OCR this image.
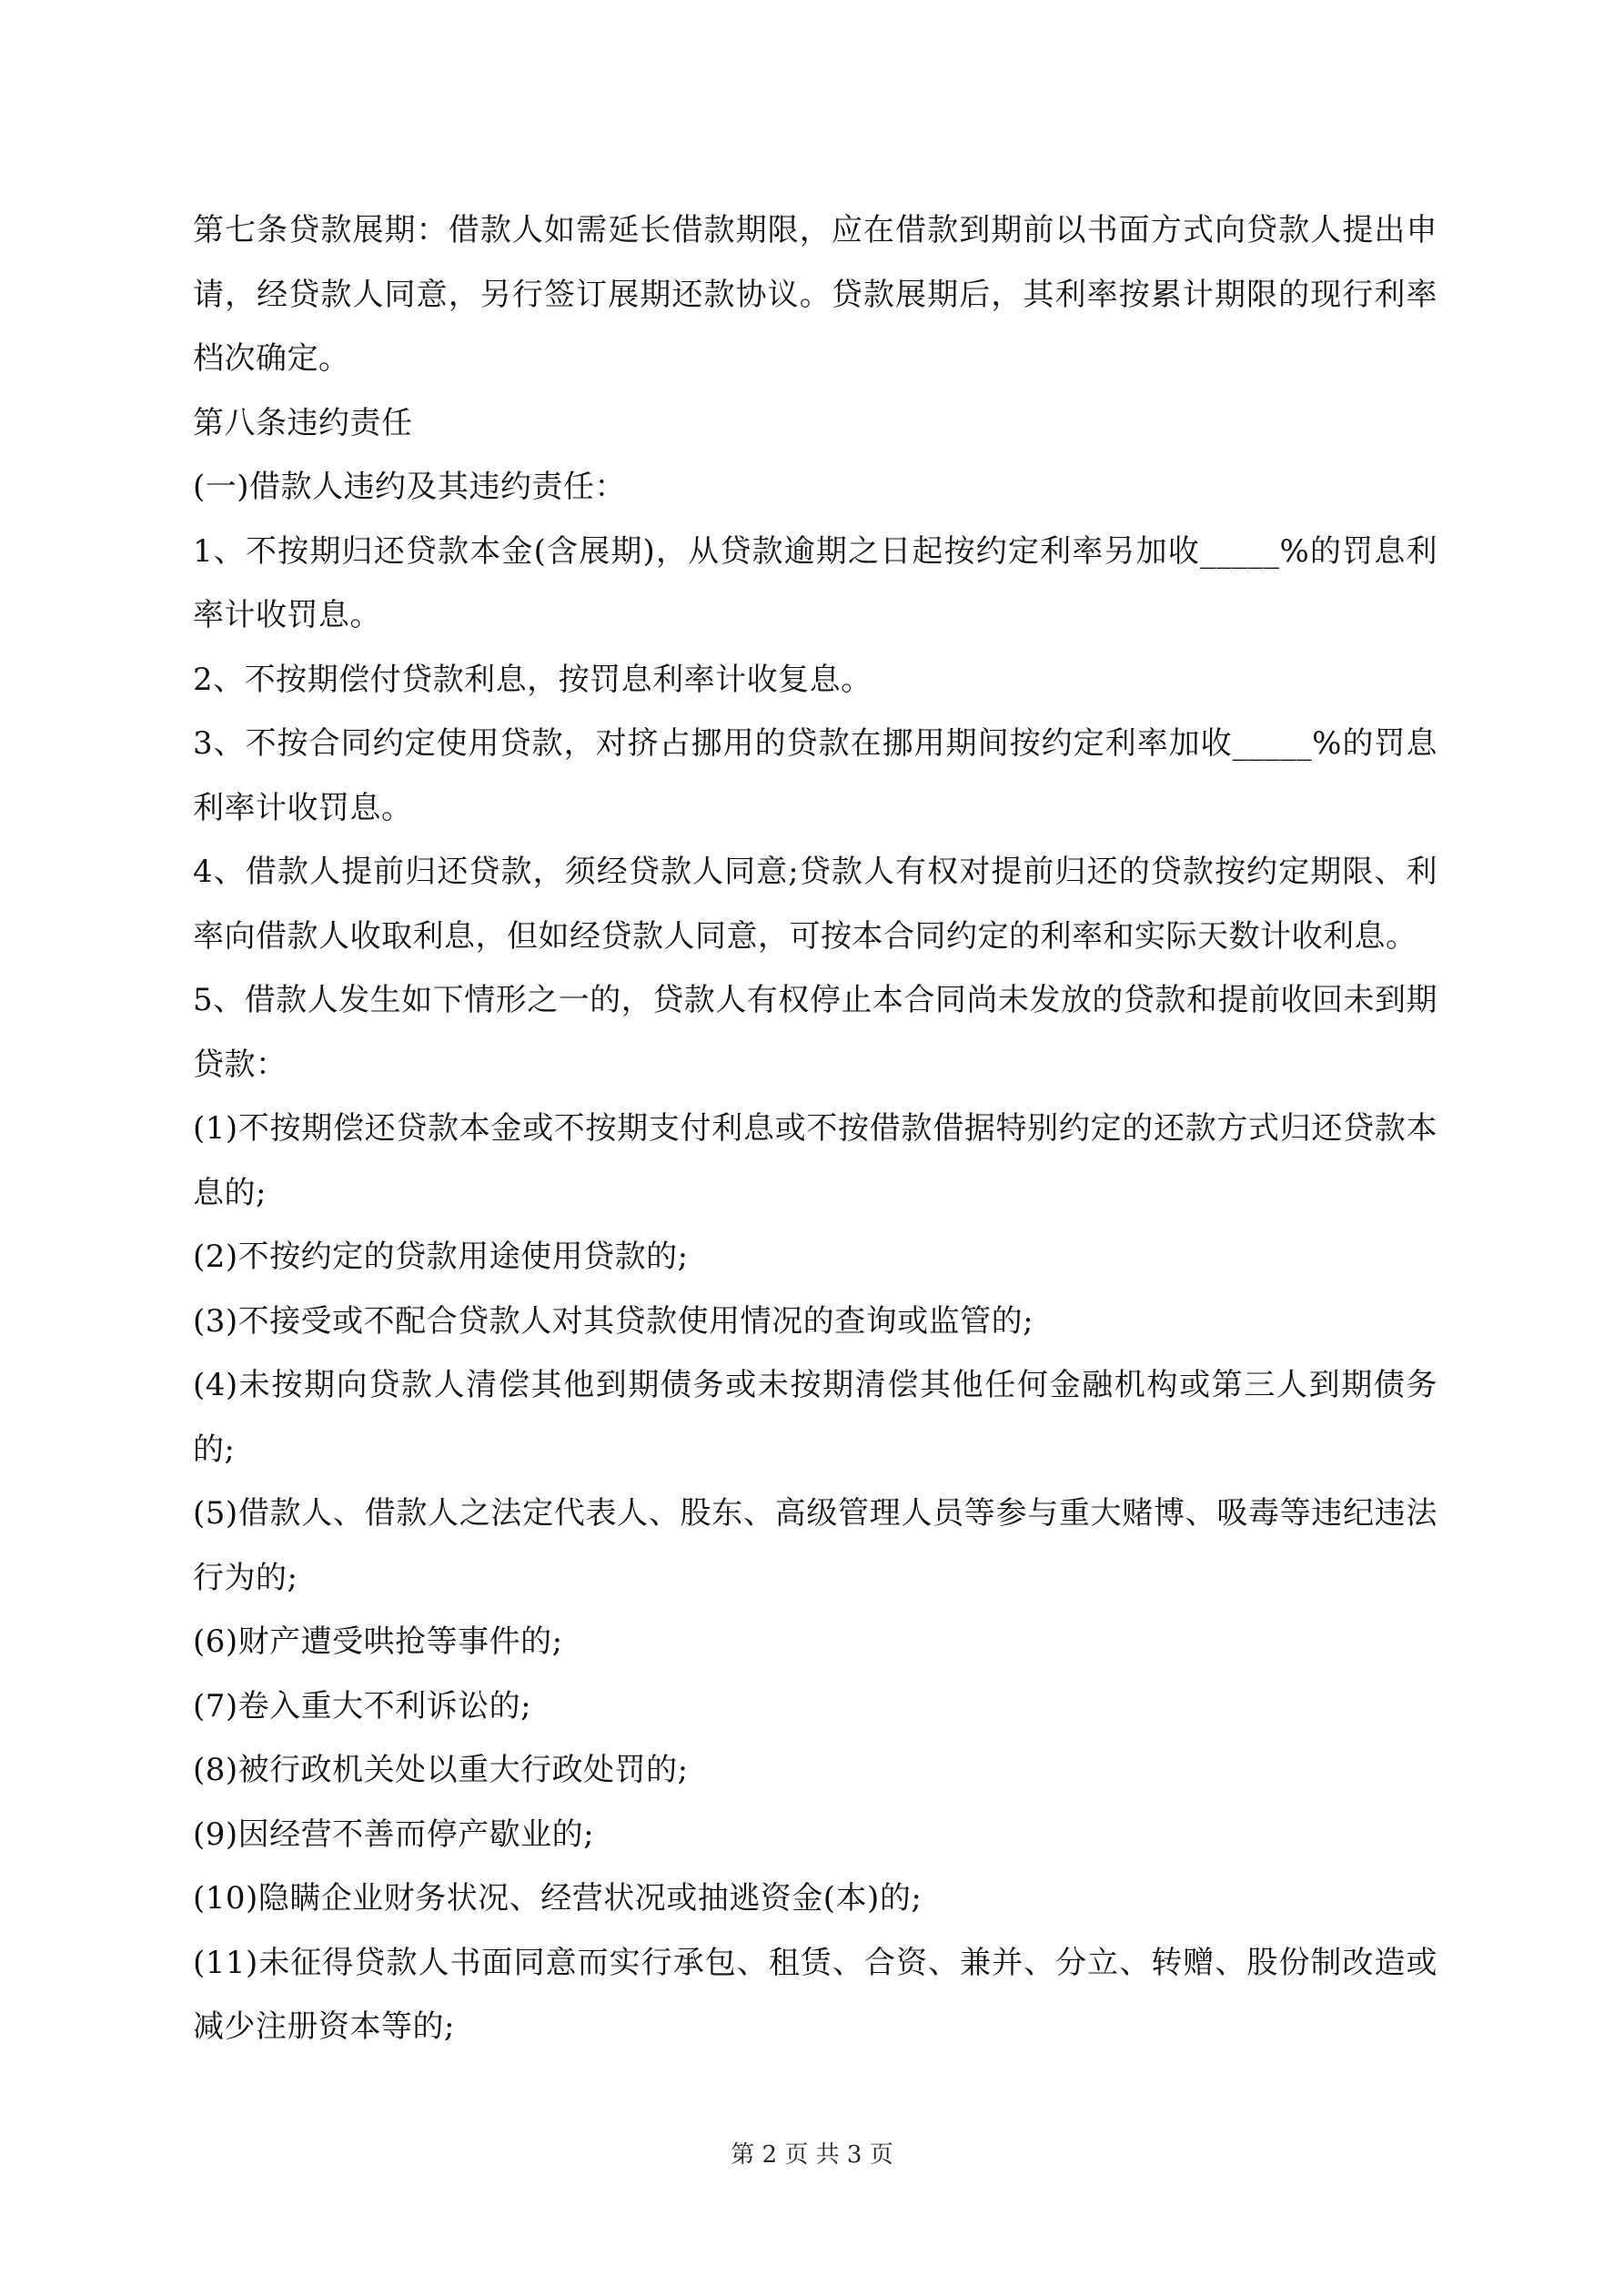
第七条贷款展期：借款人如需延长借款期限，应在借款到期前以书面方式向贷款人提出申请，经贷款人同意，另行签订展期还款协议。贷款展期后，其利率按累计期限的现行利率档次确定。

第八条违约责任

(一)借款人违约及其违约责任：

1、不按期归还贷款本金(含展期)，从贷款逾期之日起按约定利率另加收_____%的罚息利率计收罚息。

2、不按期偿付贷款利息，按罚息利率计收复息。

3、不按合同约定使用贷款，对挤占挪用的贷款在挪用期间按约定利率加收_____%的罚息利率计收罚息。

4、借款人提前归还贷款，须经贷款人同意;贷款人有权对提前归还的贷款按约定期限、利率向借款人收取利息，但如经贷款人同意，可按本合同约定的利率和实际天数计收利息。

5、借款人发生如下情形之一的，贷款人有权停止本合同尚未发放的贷款和提前收回未到期贷款：

(1)不按期偿还贷款本金或不按期支付利息或不按借款借据特别约定的还款方式归还贷款本息的;

(2)不按约定的贷款用途使用贷款的;

(3)不接受或不配合贷款人对其贷款使用情况的查询或监管的;

(4)未按期向贷款人清偿其他到期债务或未按期清偿其他任何金融机构或第三人到期债务的;

(5)借款人、借款人之法定代表人、股东、高级管理人员等参与重大赌博、吸毒等违纪违法行为的;

(6)财产遭受哄抢等事件的;

(7)卷入重大不利诉讼的;

(8)被行政机关处以重大行政处罚的;

(9)因经营不善而停产歇业的;

(10)隐瞒企业财务状况、经营状况或抽逃资金(本)的;

(11)未征得贷款人书面同意而实行承包、租赁、合资、兼并、分立、转赠、股份制改造或减少注册资本等的;

第 2 页 共 3 页
